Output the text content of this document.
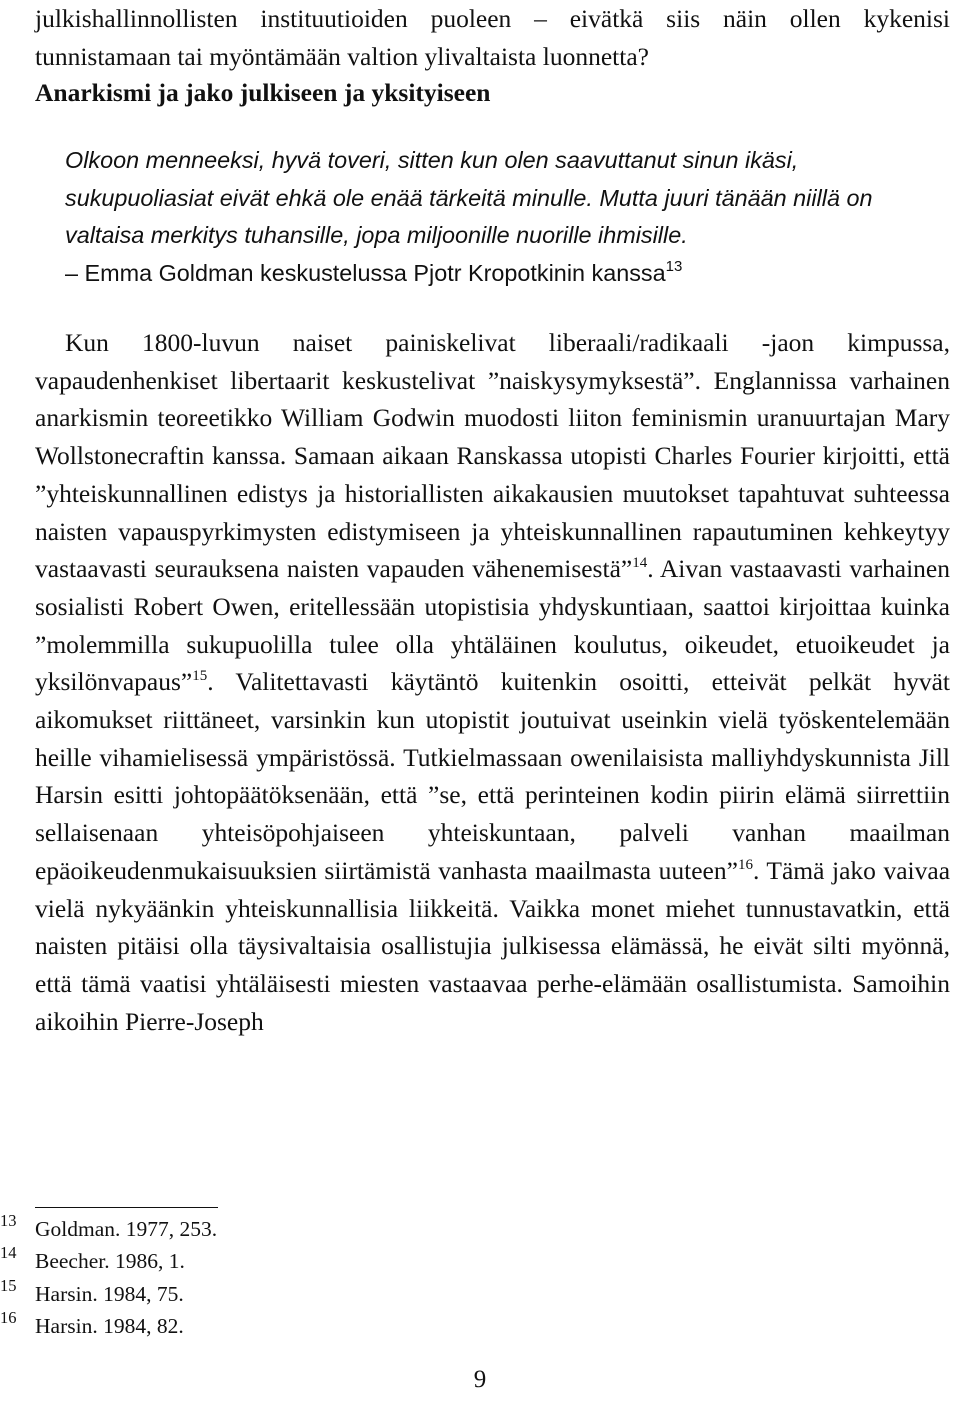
julkishallinnollisten instituutioiden puoleen – eivätkä siis näin ollen kykenisi tunnistamaan tai myöntämään valtion ylivaltaista luonnetta?

Anarkismi ja jako julkiseen ja yksityiseen

Olkoon menneeksi, hyvä toveri, sitten kun olen saavuttanut sinun ikäsi, sukupuoliasiat eivät ehkä ole enää tärkeitä minulle. Mutta juuri tänään niillä on valtaisa merkitys tuhansille, jopa miljoonille nuorille ihmisille.
– Emma Goldman keskustelussa Pjotr Kropotkinin kanssa$^{13}$

Kun 1800-luvun naiset painiskelivat liberaali/radikaali -jaon kimpussa, vapaudenhenkiset libertaarit keskustelivat ”naiskysymyksestä”. Englannissa varhainen anarkismin teoreetikko William Godwin muodosti liiton feminismin uranuurtajan Mary Wollstonecraftin kanssa. Samaan aikaan Ranskassa utopisti Charles Fourier kirjoitti, että ”yhteiskunnallinen edistys ja historiallisten aikakausien muutokset tapahtuvat suhteessa naisten vapauspyrkimysten edistymiseen ja yhteiskunnallinen rapautuminen kehkeytyy vastaavasti seurauksena naisten vapauden vähenemisestä”$^{14}$. Aivan vastaavasti varhainen sosialisti Robert Owen, eritellessään utopistisia yhdyskuntiaan, saattoi kirjoittaa kuinka ”molemmilla sukupuolilla tulee olla yhtäläinen koulutus, oikeudet, etuoikeudet ja yksilönvapaus”$^{15}$. Valitettavasti käytäntö kuitenkin osoitti, etteivät pelkät hyvät aikomukset riittäneet, varsinkin kun utopistit joutuivat useinkin vielä työskentelemään heille vihamielisessä ympäristössä. Tutkielmassaan owenilaisista malliyhdyskunnista Jill Harsin esitti johtopäätöksenään, että ”se, että perinteinen kodin piirin elämä siirrettiin sellaisenaan yhteisöpohjaiseen yhteiskuntaan, palveli vanhan maailman epäoikeudenmukaisuuksien siirtämistä vanhasta maailmasta uuteen”$^{16}$. Tämä jako vaivaa vielä nykyäänkin yhteiskunnallisia liikkeitä. Vaikka monet miehet tunnustavatkin, että naisten pitäisi olla täysivaltaisia osallistujia julkisessa elämässä, he eivät silti myönnä, että tämä vaatisi yhtäläisesti miesten vastaavaa perhe-elämään osallistumista. Samoihin aikoihin Pierre-Joseph

13 Goldman. 1977, 253.
14 Beecher. 1986, 1.
15 Harsin. 1984, 75.
16 Harsin. 1984, 82.
9
